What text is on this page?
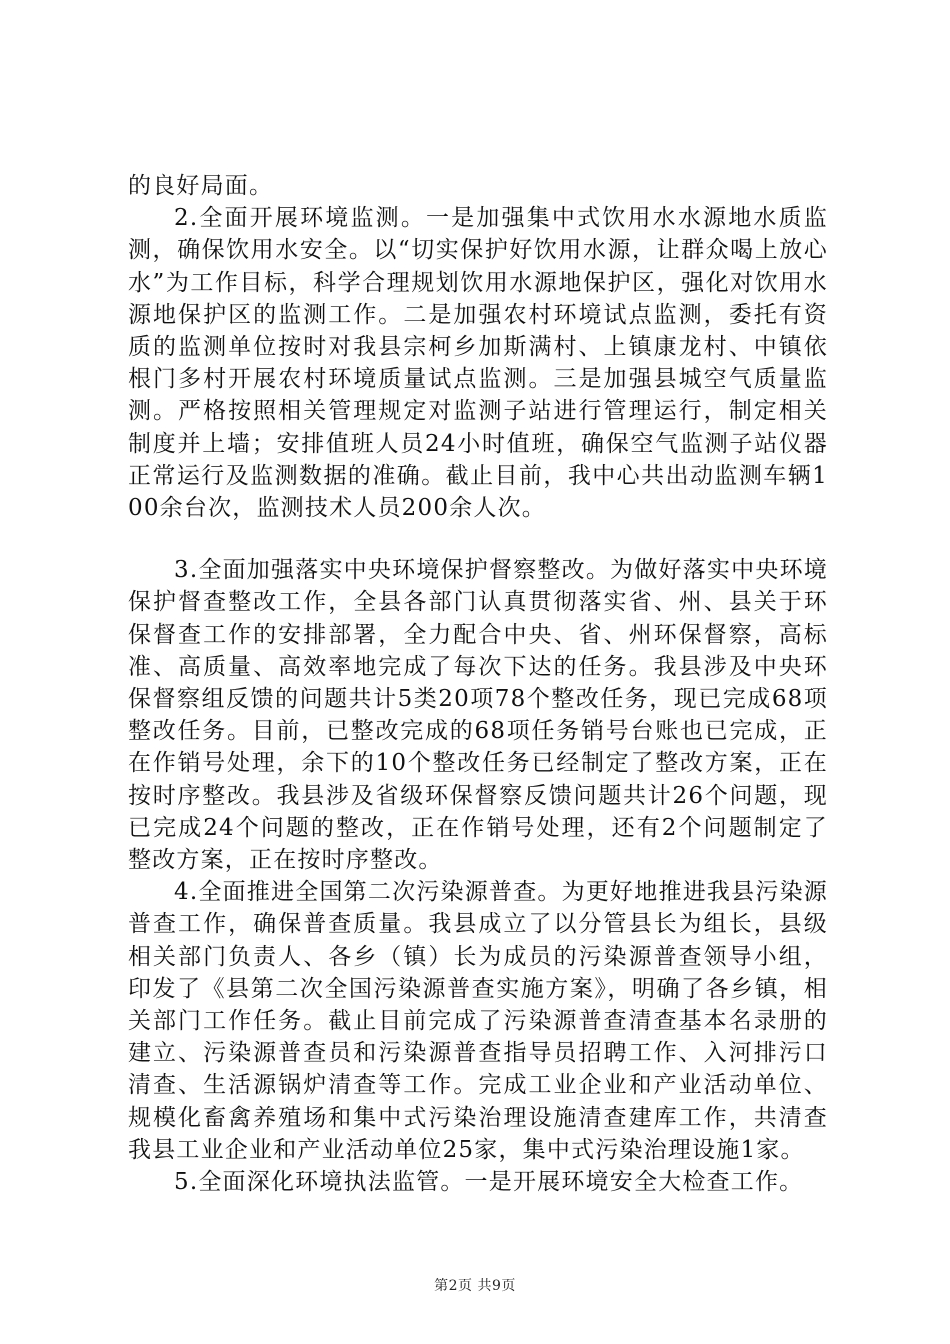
的良好局面。

2.全面开展环境监测。一是加强集中式饮用水水源地水质监测，确保饮用水安全。以“切实保护好饮用水源，让群众喝上放心水”为工作目标，科学合理规划饮用水源地保护区，强化对饮用水源地保护区的监测工作。二是加强农村环境试点监测，委托有资质的监测单位按时对我县宗柯乡加斯满村、上镇康龙村、中镇依根门多村开展农村环境质量试点监测。三是加强县城空气质量监测。严格按照相关管理规定对监测子站进行管理运行，制定相关制度并上墙；安排值班人员24小时值班，确保空气监测子站仪器正常运行及监测数据的准确。截止目前，我中心共出动监测车辆100余台次，监测技术人员200余人次。

3.全面加强落实中央环境保护督察整改。为做好落实中央环境保护督查整改工作，全县各部门认真贯彻落实省、州、县关于环保督查工作的安排部署，全力配合中央、省、州环保督察，高标准、高质量、高效率地完成了每次下达的任务。我县涉及中央环保督察组反馈的问题共计5类20项78个整改任务，现已完成68项整改任务。目前，已整改完成的68项任务销号台账也已完成，正在作销号处理，余下的10个整改任务已经制定了整改方案，正在按时序整改。我县涉及省级环保督察反馈问题共计26个问题，现已完成24个问题的整改，正在作销号处理，还有2个问题制定了整改方案，正在按时序整改。

4.全面推进全国第二次污染源普查。为更好地推进我县污染源普查工作，确保普查质量。我县成立了以分管县长为组长，县级相关部门负责人、各乡（镇）长为成员的污染源普查领导小组，印发了《县第二次全国污染源普查实施方案》，明确了各乡镇，相关部门工作任务。截止目前完成了污染源普查清查基本名录册的建立、污染源普查员和污染源普查指导员招聘工作、入河排污口清查、生活源锅炉清查等工作。完成工业企业和产业活动单位、规模化畜禽养殖场和集中式污染治理设施清查建库工作，共清查我县工业企业和产业活动单位25家，集中式污染治理设施1家。

5.全面深化环境执法监管。一是开展环境安全大检查工作。

第2页 共9页
